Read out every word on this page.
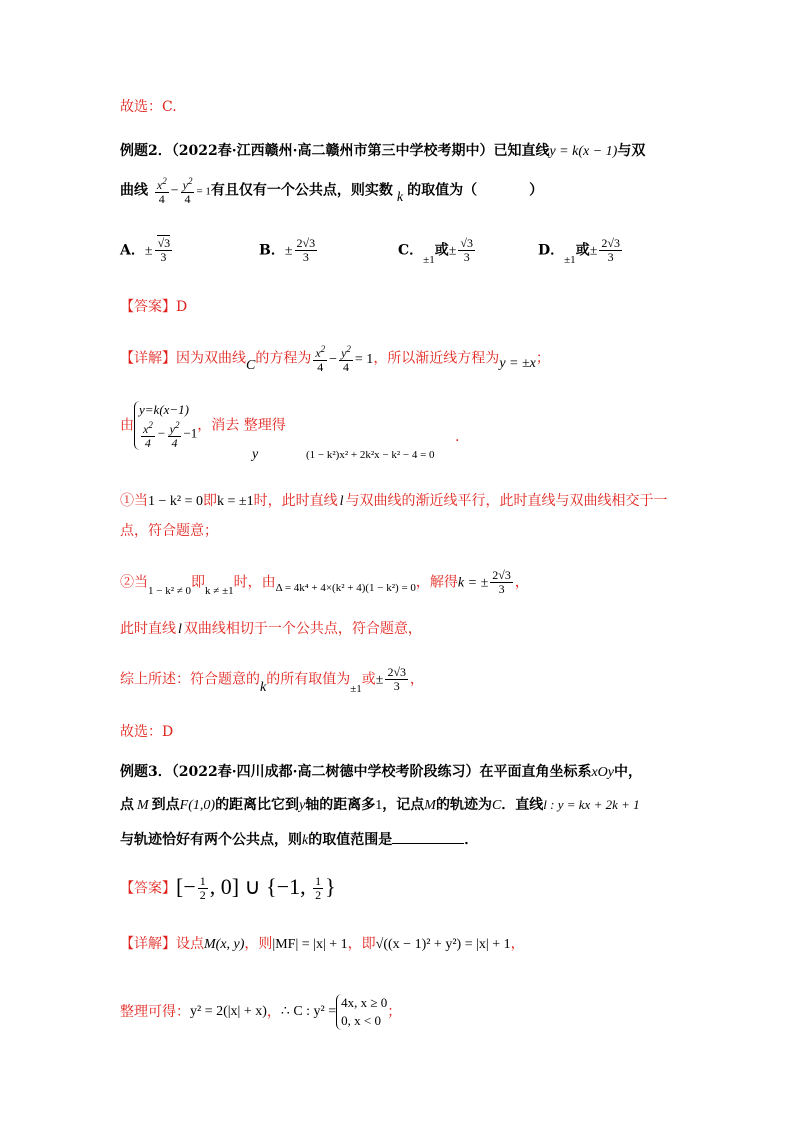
故选：C.
例题2．（2022春·江西赣州·高二赣州市第三中学校考期中）已知直线y = k(x − 1)与双
曲线 $\frac{x^2}{4} - \frac{y^2}{4} = 1$有且仅有一个公共点，则实数 k 的取值为（	）
A．± $\frac{√3}{3}$	B．± $\frac{2√3}{3}$	C．$_{\pm 1}$或± $\frac{√3}{3}$	D．$_{\pm 1}$或± $\frac{2√3}{3}$
【答案】D
【详解】因为双曲线C的方程为 $\frac{x^2}{4} - \frac{y^2}{4} = 1$，所以渐近线方程为y = ±x；
由
y=k(x−1)
$\frac{x^2}{4} - \frac{y^2}{4} -1$ ，消去 整理得
y	(1 − k²)x² + 2k²x − k² − 4 = 0
.
①当1 − k² = 0即k = ±1时，此时直线 l 与双曲线的渐近线平行，此时直线与双曲线相交于一
点，符合题意；
②当$_{1 - k^2 \ne 0}$即$_{k \ne \pm 1}$时，由$_{\Delta = 4k^4 + 4\times(k^2 + 4)(1 - k^2) = 0}$，解得k = ± $\frac{2√3}{3}$ ，
此时直线 l 双曲线相切于一个公共点，符合题意，
综上所述：符合题意的k的所有取值为$_{\pm 1}$或± $\frac{2√3}{3}$ ，
故选：D
例题3．（2022春·四川成都·高二树德中学校考阶段练习）在平面直角坐标系xOy中，
点 M 到点F(1,0)的距离比它到y轴的距离多1，记点M的轨迹为C．直线l : y = kx + 2k + 1
与轨迹恰好有两个公共点，则k的取值范围是	．
【答案】[− $\frac{1}{2}$ , 0] ∪ {−1, $\frac{1}{2}$ }
【详解】设点M(x, y)，则|MF| = |x| + 1，即√((x − 1)² + y²) = |x| + 1，
整理可得：y² = 2(|x| + x)，∴ C : y² =
4x, x ≥ 0
0, x < 0
；
